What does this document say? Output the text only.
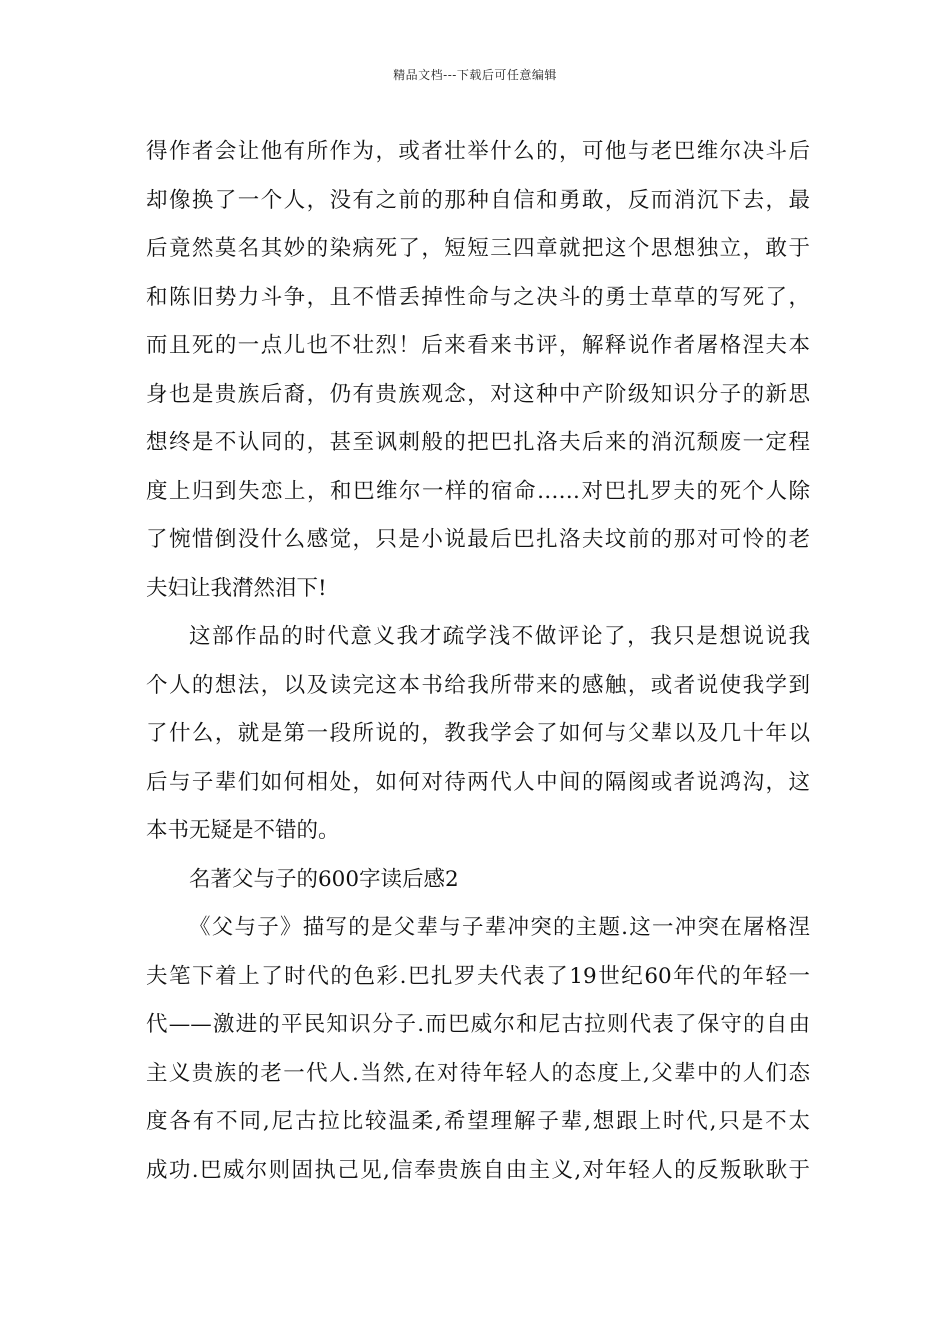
精品文档---下载后可任意编辑
得作者会让他有所作为，或者壮举什么的，可他与老巴维尔决斗后
却像换了一个人，没有之前的那种自信和勇敢，反而消沉下去，最
后竟然莫名其妙的染病死了，短短三四章就把这个思想独立，敢于
和陈旧势力斗争，且不惜丢掉性命与之决斗的勇士草草的写死了，
而且死的一点儿也不壮烈！后来看来书评，解释说作者屠格涅夫本
身也是贵族后裔，仍有贵族观念，对这种中产阶级知识分子的新思
想终是不认同的，甚至讽刺般的把巴扎洛夫后来的消沉颓废一定程
度上归到失恋上，和巴维尔一样的宿命……对巴扎罗夫的死个人除
了惋惜倒没什么感觉，只是小说最后巴扎洛夫坟前的那对可怜的老
夫妇让我潸然泪下!
这部作品的时代意义我才疏学浅不做评论了，我只是想说说我
个人的想法，以及读完这本书给我所带来的感触，或者说使我学到
了什么，就是第一段所说的，教我学会了如何与父辈以及几十年以
后与子辈们如何相处，如何对待两代人中间的隔阂或者说鸿沟，这
本书无疑是不错的。
名著父与子的600字读后感2
《父与子》描写的是父辈与子辈冲突的主题.这一冲突在屠格涅
夫笔下着上了时代的色彩.巴扎罗夫代表了19世纪60年代的年轻一
代——激进的平民知识分子.而巴威尔和尼古拉则代表了保守的自由
主义贵族的老一代人.当然,在对待年轻人的态度上,父辈中的人们态
度各有不同,尼古拉比较温柔,希望理解子辈,想跟上时代,只是不太
成功.巴威尔则固执己见,信奉贵族自由主义,对年轻人的反叛耿耿于
